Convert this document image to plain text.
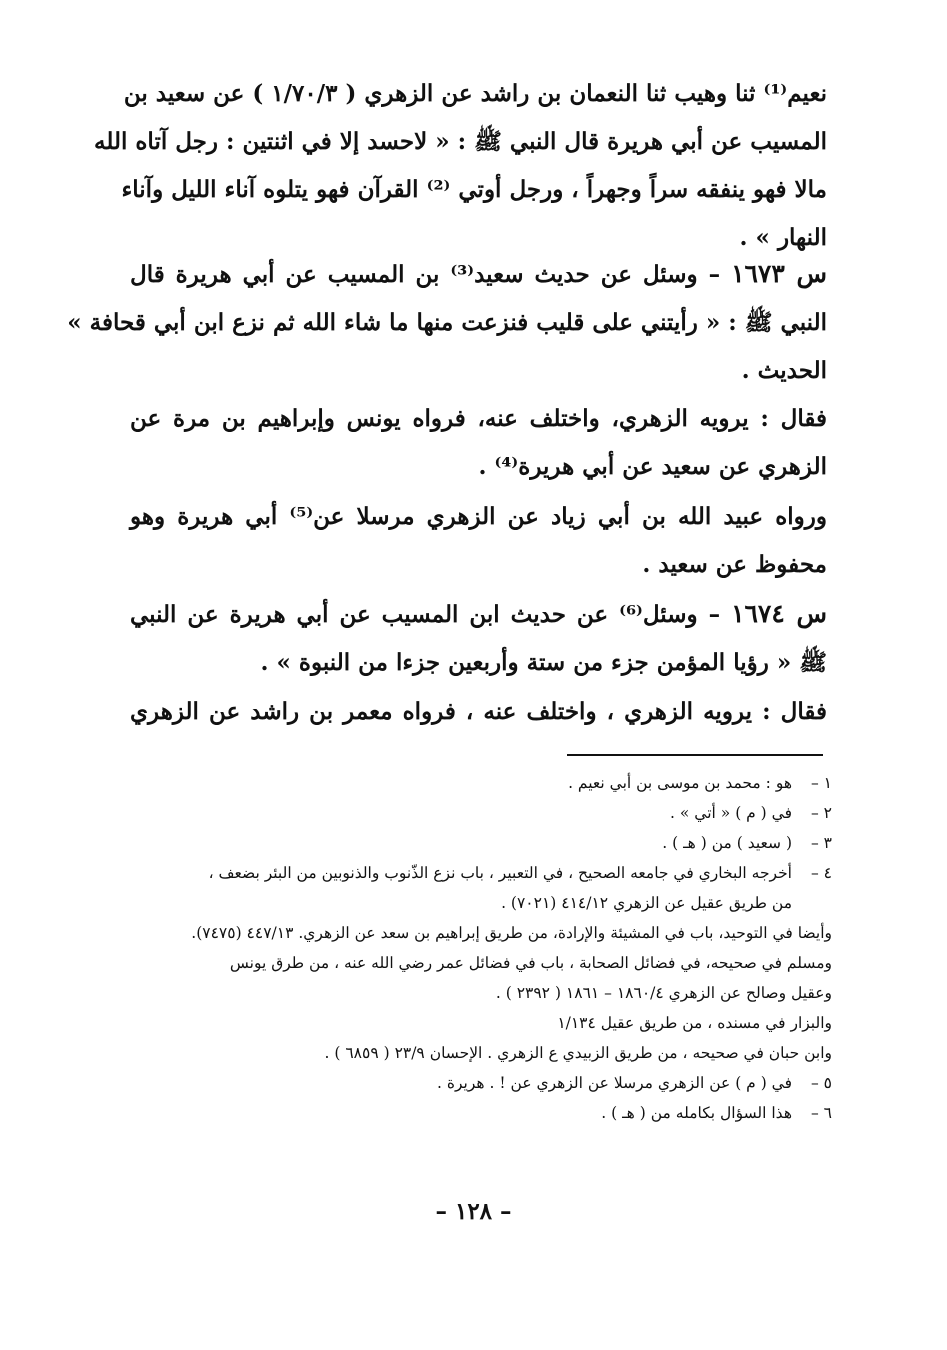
نعيم⁽¹⁾ ثنا وهيب ثنا النعمان بن راشد عن الزهري ( ١/٧٠/٣ ) عن سعيد بن
المسيب عن أبي هريرة قال النبي ﷺ : « لاحسد إلا في اثنتين : رجل آتاه الله
مالا فهو ينفقه سراً وجهراً ، ورجل أوتي ⁽²⁾ القرآن فهو يتلوه آناء الليل وآناء
النهار » .
س ١٦٧٣ – وسئل عن حديث سعيد⁽³⁾ بن المسيب عن أبي هريرة قال
النبي ﷺ : « رأيتني على قليب فنزعت منها ما شاء الله ثم نزع ابن أبي قحافة »
الحديث .
فقال : يرويه الزهري، واختلف عنه، فرواه يونس وإبراهيم بن مرة عن
الزهري عن سعيد عن أبي هريرة⁽⁴⁾ .
ورواه عبيد الله بن أبي زياد عن الزهري مرسلا عن⁽⁵⁾ أبي هريرة وهو
محفوظ عن سعيد .
س ١٦٧٤ – وسئل⁽⁶⁾ عن حديث ابن المسيب عن أبي هريرة عن النبي
ﷺ « رؤيا المؤمن جزء من ستة وأربعين جزءا من النبوة » .
فقال : يرويه الزهري ، واختلف عنه ، فرواه معمر بن راشد عن الزهري
١ –
هو : محمد بن موسى بن أبي نعيم .
٢ –
في ( م ) « أتي » .
٣ –
( سعيد ) من ( هـ ) .
٤ –
أخرجه البخاري في جامعه الصحيح ، في التعبير ، باب نزع الذّنوب والذنوبين من البئر بضعف ،
من طريق عقيل عن الزهري ٤١٤/١٢ (٧٠٢١) .
وأيضا في التوحيد، باب في المشيئة والإرادة، من طريق إبراهيم بن سعد عن الزهري. ٤٤٧/١٣ (٧٤٧٥).
ومسلم في صحيحه، في فضائل الصحابة ، باب في فضائل عمر رضي الله عنه ، من طرق يونس
وعقيل وصالح عن الزهري ١٨٦٠/٤ – ١٨٦١ ( ٢٣٩٢ ) .
والبزار في مسنده ، من طريق عقيل ١/١٣٤
وابن حبان في صحيحه ، من طريق الزبيدي ع الزهري . الإحسان ٢٣/٩ ( ٦٨٥٩ ) .
٥ –
في ( م ) عن الزهري مرسلا عن الزهري عن ! . هريرة .
٦ –
هذا السؤال بكامله من ( هـ ) .
– ١٢٨ –
